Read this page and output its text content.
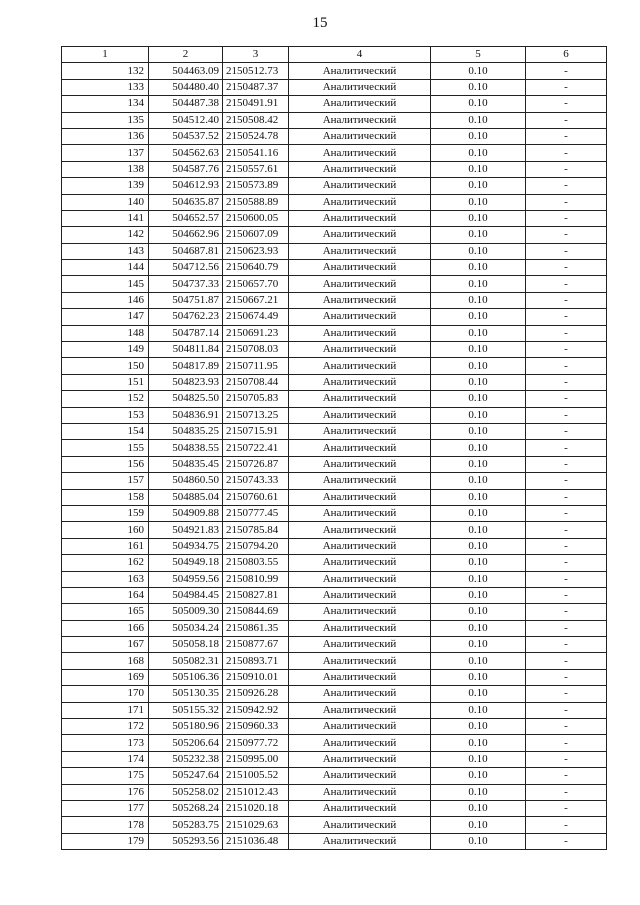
15
1	2	3	4	5	6
132	504463.09	2150512.73	Аналитический	0.10	-
133	504480.40	2150487.37	Аналитический	0.10	-
134	504487.38	2150491.91	Аналитический	0.10	-
135	504512.40	2150508.42	Аналитический	0.10	-
136	504537.52	2150524.78	Аналитический	0.10	-
137	504562.63	2150541.16	Аналитический	0.10	-
138	504587.76	2150557.61	Аналитический	0.10	-
139	504612.93	2150573.89	Аналитический	0.10	-
140	504635.87	2150588.89	Аналитический	0.10	-
141	504652.57	2150600.05	Аналитический	0.10	-
142	504662.96	2150607.09	Аналитический	0.10	-
143	504687.81	2150623.93	Аналитический	0.10	-
144	504712.56	2150640.79	Аналитический	0.10	-
145	504737.33	2150657.70	Аналитический	0.10	-
146	504751.87	2150667.21	Аналитический	0.10	-
147	504762.23	2150674.49	Аналитический	0.10	-
148	504787.14	2150691.23	Аналитический	0.10	-
149	504811.84	2150708.03	Аналитический	0.10	-
150	504817.89	2150711.95	Аналитический	0.10	-
151	504823.93	2150708.44	Аналитический	0.10	-
152	504825.50	2150705.83	Аналитический	0.10	-
153	504836.91	2150713.25	Аналитический	0.10	-
154	504835.25	2150715.91	Аналитический	0.10	-
155	504838.55	2150722.41	Аналитический	0.10	-
156	504835.45	2150726.87	Аналитический	0.10	-
157	504860.50	2150743.33	Аналитический	0.10	-
158	504885.04	2150760.61	Аналитический	0.10	-
159	504909.88	2150777.45	Аналитический	0.10	-
160	504921.83	2150785.84	Аналитический	0.10	-
161	504934.75	2150794.20	Аналитический	0.10	-
162	504949.18	2150803.55	Аналитический	0.10	-
163	504959.56	2150810.99	Аналитический	0.10	-
164	504984.45	2150827.81	Аналитический	0.10	-
165	505009.30	2150844.69	Аналитический	0.10	-
166	505034.24	2150861.35	Аналитический	0.10	-
167	505058.18	2150877.67	Аналитический	0.10	-
168	505082.31	2150893.71	Аналитический	0.10	-
169	505106.36	2150910.01	Аналитический	0.10	-
170	505130.35	2150926.28	Аналитический	0.10	-
171	505155.32	2150942.92	Аналитический	0.10	-
172	505180.96	2150960.33	Аналитический	0.10	-
173	505206.64	2150977.72	Аналитический	0.10	-
174	505232.38	2150995.00	Аналитический	0.10	-
175	505247.64	2151005.52	Аналитический	0.10	-
176	505258.02	2151012.43	Аналитический	0.10	-
177	505268.24	2151020.18	Аналитический	0.10	-
178	505283.75	2151029.63	Аналитический	0.10	-
179	505293.56	2151036.48	Аналитический	0.10	-
